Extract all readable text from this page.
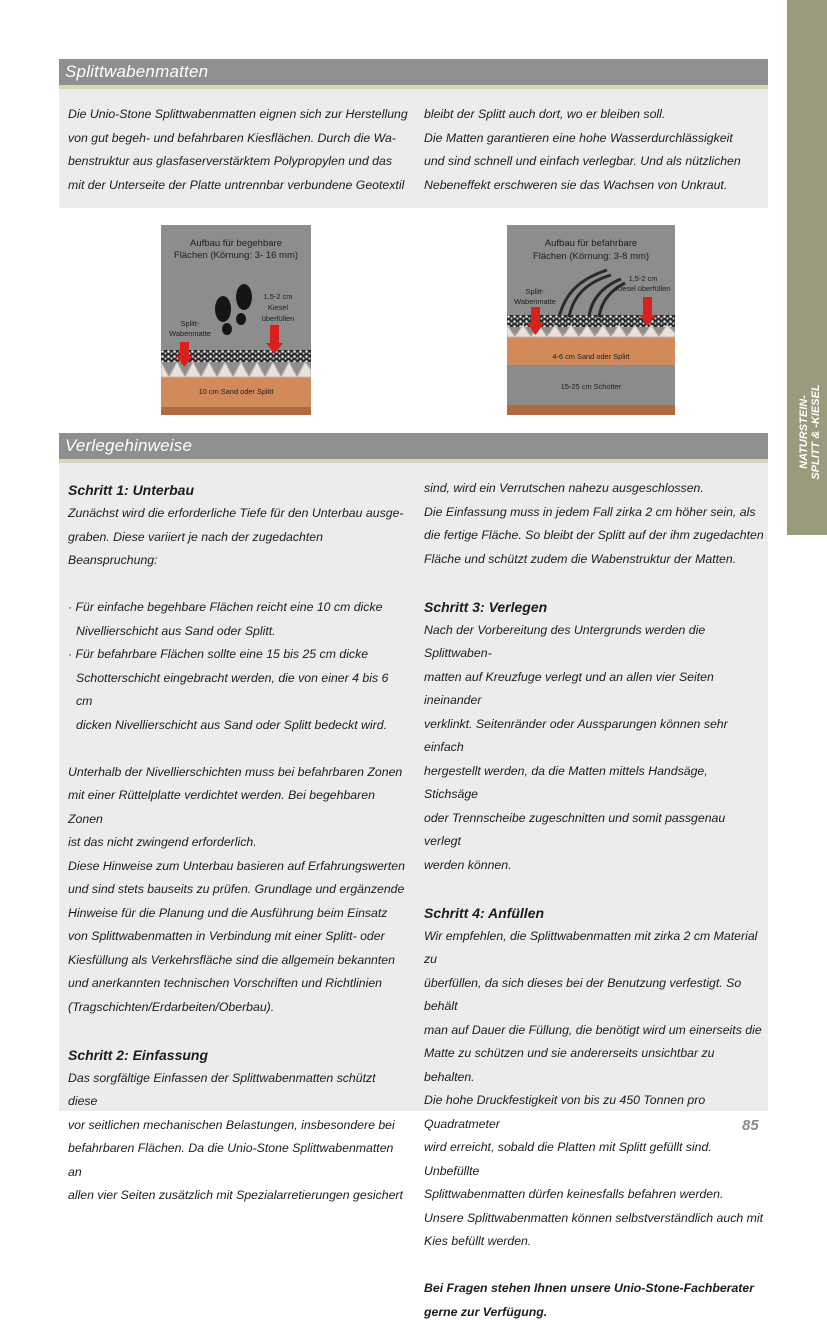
NATURSTEIN- SPLITT & -KIESEL
Splittwabenmatten

Die Unio-Stone Splittwabenmatten eignen sich zur Herstellung

von gut begeh- und befahrbaren Kiesflächen. Durch die Wa-

benstruktur aus glasfaserverstärktem Polypropylen und das

mit der Unterseite der Platte untrennbar verbundene Geotextil

bleibt der Splitt auch dort, wo er bleiben soll.

Die Matten garantieren eine hohe Wasserdurchlässigkeit

und sind schnell und einfach verlegbar. Und als nützlichen

Nebeneffekt erschweren sie das Wachsen von Unkraut.

Aufbau für begehbare
Flächen (Körnung: 3- 16 mm)
1,5-2 cm
Kiesel
überfüllen
Splitt-
Wabenmatte
10 cm Sand oder Splitt
Aufbau für befahrbare
Flächen (Körnung: 3-8 mm)
1,5-2 cm
Kiesel überfüllen
Splitt-
Wabenmatte
4-6 cm Sand oder Splitt
15-25 cm Schotter
Verlegehinweise

Schritt 1: Unterbau

Zunächst wird die erforderliche Tiefe für den Unterbau ausge-

graben. Diese variiert je nach der zugedachten Beanspruchung:

· Für einfache begehbare Flächen reicht eine 10 cm dicke

Nivellierschicht aus Sand oder Splitt.

· Für befahrbare Flächen sollte eine 15 bis 25 cm dicke

Schotterschicht eingebracht werden, die von einer 4 bis 6 cm

dicken Nivellierschicht aus Sand oder Splitt bedeckt wird.

Unterhalb der Nivellierschichten muss bei befahrbaren Zonen

mit einer Rüttelplatte verdichtet werden. Bei begehbaren Zonen

ist das nicht zwingend erforderlich.

Diese Hinweise zum Unterbau basieren auf Erfahrungswerten

und sind stets bauseits zu prüfen. Grundlage und ergänzende

Hinweise für die Planung und die Ausführung beim Einsatz

von Splittwabenmatten in Verbindung mit einer Splitt- oder

Kiesfüllung als Verkehrsfläche sind die allgemein bekannten

und anerkannten technischen Vorschriften und Richtlinien

(Tragschichten/Erdarbeiten/Oberbau).

Schritt 2: Einfassung

Das sorgfältige Einfassen der Splittwabenmatten schützt diese

vor seitlichen mechanischen Belastungen, insbesondere bei

befahrbaren Flächen. Da die Unio-Stone Splittwabenmatten an

allen vier Seiten zusätzlich mit Spezialarretierungen gesichert

sind, wird ein Verrutschen nahezu ausgeschlossen.

Die Einfassung muss in jedem Fall zirka 2 cm höher sein, als

die fertige Fläche. So bleibt der Splitt auf der ihm zugedachten

Fläche und schützt zudem die Wabenstruktur der Matten.

Schritt 3: Verlegen

Nach der Vorbereitung des Untergrunds werden die Splittwaben-

matten auf Kreuzfuge verlegt und an allen vier Seiten ineinander

verklinkt. Seitenränder oder Aussparungen können sehr einfach

hergestellt werden, da die Matten mittels Handsäge, Stichsäge

oder Trennscheibe zugeschnitten und somit passgenau verlegt

werden können.

Schritt 4: Anfüllen

Wir empfehlen, die Splittwabenmatten mit zirka 2 cm Material zu

überfüllen, da sich dieses bei der Benutzung verfestigt. So behält

man auf Dauer die Füllung, die benötigt wird um einerseits die

Matte zu schützen und sie andererseits unsichtbar zu behalten.

Die hohe Druckfestigkeit von bis zu 450 Tonnen pro Quadratmeter

wird erreicht, sobald die Platten mit Splitt gefüllt sind. Unbefüllte

Splittwabenmatten dürfen keinesfalls befahren werden.

Unsere Splittwabenmatten können selbstverständlich auch mit

Kies befüllt werden.

Bei Fragen stehen Ihnen unsere Unio-Stone-Fachberater

gerne zur Verfügung.

85
